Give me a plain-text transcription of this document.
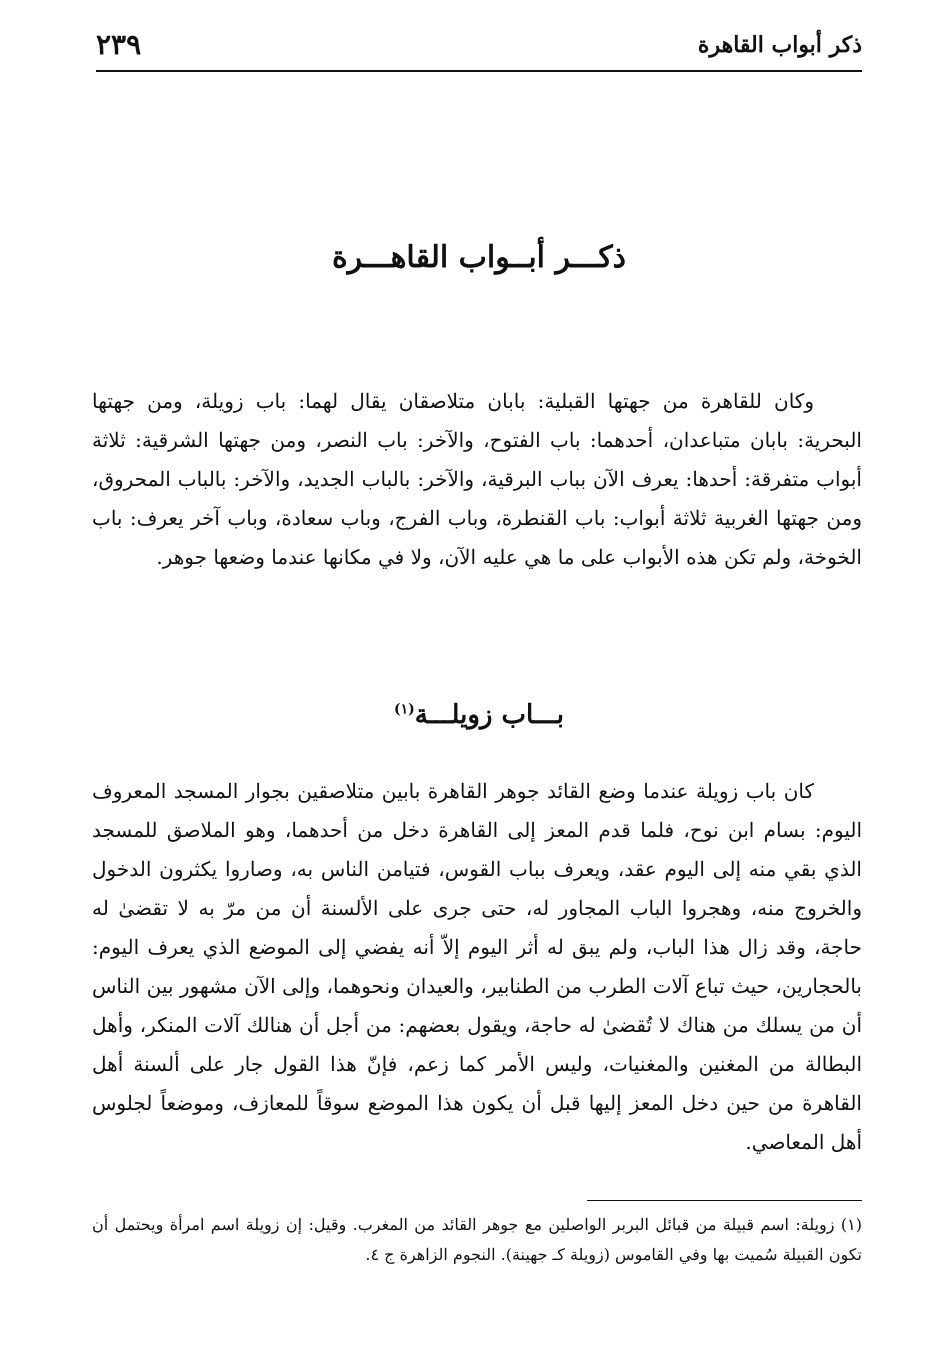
ذكر أبواب القاهرة
٢٣٩
ذكـــر أبــواب القاهـــرة

وكان للقاهرة من جهتها القبلية: بابان متلاصقان يقال لهما: باب زويلة، ومن جهتها البحرية: بابان متباعدان، أحدهما: باب الفتوح، والآخر: باب النصر، ومن جهتها الشرقية: ثلاثة أبواب متفرقة: أحدها: يعرف الآن بباب البرقية، والآخر: بالباب الجديد، والآخر: بالباب المحروق، ومن جهتها الغربية ثلاثة أبواب: باب القنطرة، وباب الفرج، وباب سعادة، وباب آخر يعرف: باب الخوخة، ولم تكن هذه الأبواب على ما هي عليه الآن، ولا في مكانها عندما وضعها جوهر.

بـــاب زويلـــة$^{(١)}$

كان باب زويلة عندما وضع القائد جوهر القاهرة بابين متلاصقين بجوار المسجد المعروف اليوم: بسام ابن نوح، فلما قدم المعز إلى القاهرة دخل من أحدهما، وهو الملاصق للمسجد الذي بقي منه إلى اليوم عقد، ويعرف بباب القوس، فتيامن الناس به، وصاروا يكثرون الدخول والخروج منه، وهجروا الباب المجاور له، حتى جرى على الألسنة أن من مرّ به لا تقضىٰ له حاجة، وقد زال هذا الباب، ولم يبق له أثر اليوم إلاّ أنه يفضي إلى الموضع الذي يعرف اليوم: بالحجارين، حيث تباع آلات الطرب من الطنابير، والعيدان ونحوهما، وإلى الآن مشهور بين الناس أن من يسلك من هناك لا تُقضىٰ له حاجة، ويقول بعضهم: من أجل أن هنالك آلات المنكر، وأهل البطالة من المغنين والمغنيات، وليس الأمر كما زعم، فإنّ هذا القول جار على ألسنة أهل القاهرة من حين دخل المعز إليها قبل أن يكون هذا الموضع سوقاً للمعازف، وموضعاً لجلوس أهل المعاصي.

(١) زويلة: اسم قبيلة من قبائل البربر الواصلين مع جوهر القائد من المغرب. وقيل: إن زويلة اسم امرأة ويحتمل أن تكون القبيلة سُميت بها وفي القاموس (زويلة كـ جهينة). النجوم الزاهرة ج ٤.
